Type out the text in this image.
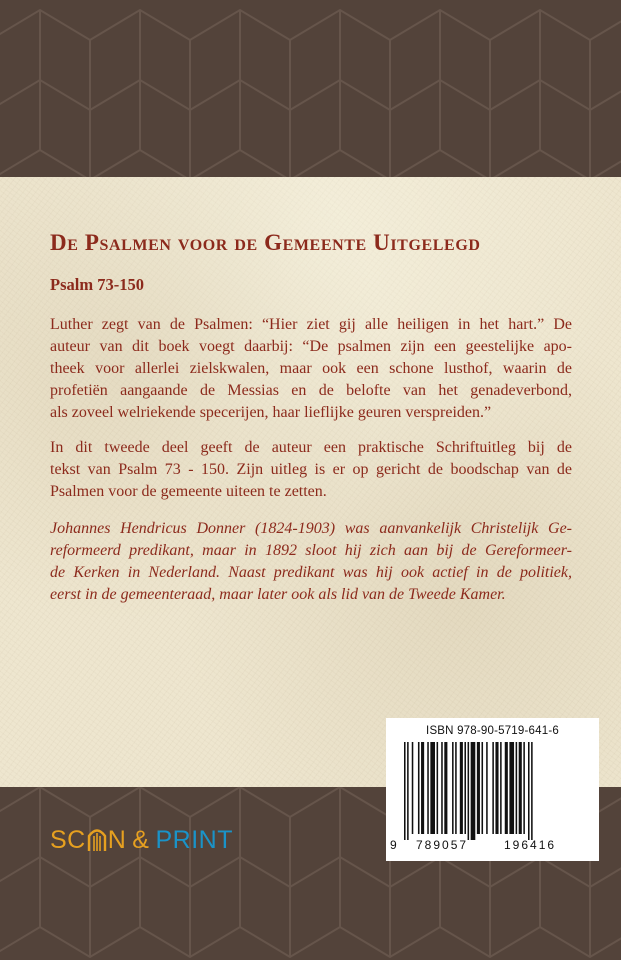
De Psalmen voor de Gemeente Uitgelegd
Psalm 73-150

Luther zegt van de Psalmen: “Hier ziet gij alle heiligen in het hart.” De
auteur van dit boek voegt daarbij: “De psalmen zijn een geestelijke apo-
theek voor allerlei zielskwalen, maar ook een schone lusthof, waarin de
profetiën aangaande de Messias en de belofte van het genadeverbond,
als zoveel welriekende specerijen, haar lieflijke geuren verspreiden.”

In dit tweede deel geeft de auteur een praktische Schriftuitleg bij de
tekst van Psalm 73 - 150. Zijn uitleg is er op gericht de boodschap van de
Psalmen voor de gemeente uiteen te zetten.

Johannes Hendricus Donner (1824-1903) was aanvankelijk Christelijk Ge-
reformeerd predikant, maar in 1892 sloot hij zich aan bij de Gereformeer-
de Kerken in Nederland. Naast predikant was hij ook actief in de politiek,
eerst in de gemeenteraad, maar later ook als lid van de Tweede Kamer.

SC N & PRINT
ISBN 978-90-5719-641-6
9 789057	196416
